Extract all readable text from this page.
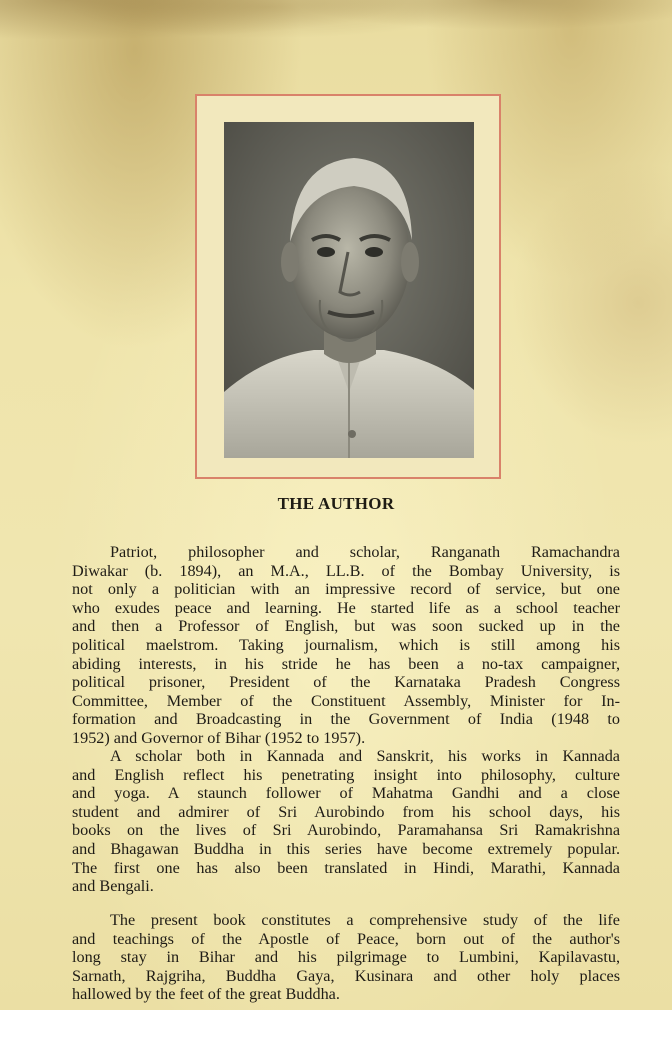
THE AUTHOR
Patriot, philosopher and scholar, Ranganath Ramachandra
Diwakar (b. 1894), an M.A., LL.B. of the Bombay University, is
not only a politician with an impressive record of service, but one
who exudes peace and learning. He started life as a school teacher
and then a Professor of English, but was soon sucked up in the
political maelstrom. Taking journalism, which is still among his
abiding interests, in his stride he has been a no-tax campaigner,
political prisoner, President of the Karnataka Pradesh Congress
Committee, Member of the Constituent Assembly, Minister for In-
formation and Broadcasting in the Government of India (1948 to
1952) and Governor of Bihar (1952 to 1957).
A scholar both in Kannada and Sanskrit, his works in Kannada
and English reflect his penetrating insight into philosophy, culture
and yoga. A staunch follower of Mahatma Gandhi and a close
student and admirer of Sri Aurobindo from his school days, his
books on the lives of Sri Aurobindo, Paramahansa Sri Ramakrishna
and Bhagawan Buddha in this series have become extremely popular.
The first one has also been translated in Hindi, Marathi, Kannada
and Bengali.
The present book constitutes a comprehensive study of the life
and teachings of the Apostle of Peace, born out of the author's
long stay in Bihar and his pilgrimage to Lumbini, Kapilavastu,
Sarnath, Rajgriha, Buddha Gaya, Kusinara and other holy places
hallowed by the feet of the great Buddha.
